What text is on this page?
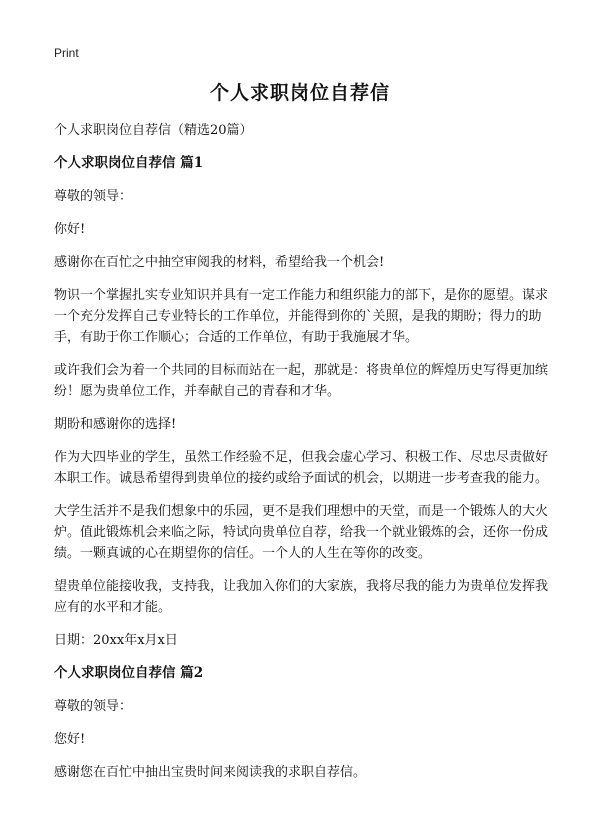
Print
个人求职岗位自荐信

个人求职岗位自荐信（精选20篇）

个人求职岗位自荐信 篇1

尊敬的领导：

你好!

感谢你在百忙之中抽空审阅我的材料，希望给我一个机会!

物识一个掌握扎实专业知识并具有一定工作能力和组织能力的部下，是你的愿望。谋求一个充分发挥自己专业特长的工作单位，并能得到你的`关照，是我的期盼；得力的助手，有助于你工作顺心；合适的工作单位，有助于我施展才华。

或许我们会为着一个共同的目标而站在一起，那就是：将贵单位的辉煌历史写得更加缤纷！愿为贵单位工作，并奉献自己的青春和才华。

期盼和感谢你的选择!

作为大四毕业的学生，虽然工作经验不足，但我会虚心学习、积极工作、尽忠尽责做好本职工作。诚恳希望得到贵单位的接约或给予面试的机会，以期进一步考查我的能力。

大学生活并不是我们想象中的乐园，更不是我们理想中的天堂，而是一个锻炼人的大火炉。值此锻炼机会来临之际，特试向贵单位自荐，给我一个就业锻炼的会，还你一份成绩。一颗真诚的心在期望你的信任。一个人的人生在等你的改变。

望贵单位能接收我，支持我，让我加入你们的大家族，我将尽我的能力为贵单位发挥我应有的水平和才能。

日期：20xx年x月x日

个人求职岗位自荐信 篇2

尊敬的领导：

您好!

感谢您在百忙中抽出宝贵时间来阅读我的求职自荐信。
